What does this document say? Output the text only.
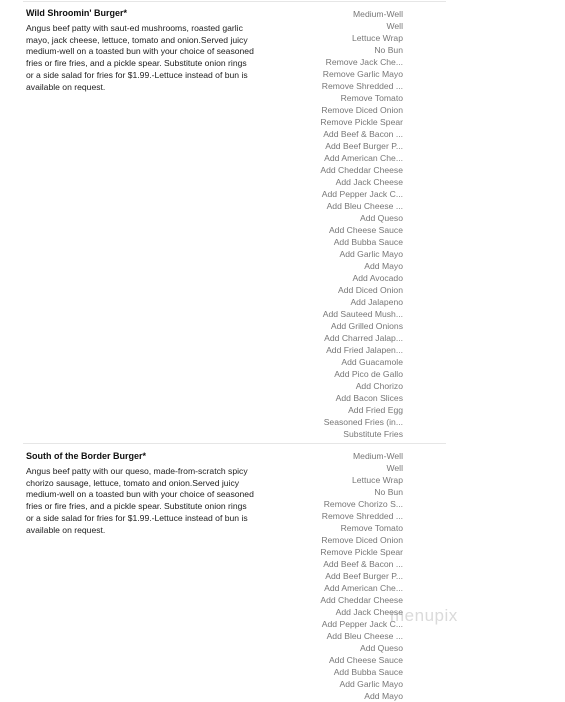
Wild Shroomin' Burger*
Angus beef patty with saut-ed mushrooms, roasted garlic mayo, jack cheese, lettuce, tomato and onion.Served juicy medium-well on a toasted bun with your choice of seasoned fries or fire fries, and a pickle spear. Substitute onion rings or a side salad for fries for $1.99.-Lettuce instead of bun is available on request.
Medium-Well
Well
Lettuce Wrap
No Bun
Remove Jack Che...
Remove Garlic Mayo
Remove Shredded ...
Remove Tomato
Remove Diced Onion
Remove Pickle Spear
Add Beef & Bacon ...
Add Beef Burger P...
Add American Che...
Add Cheddar Cheese
Add Jack Cheese
Add Pepper Jack C...
Add Bleu Cheese ...
Add Queso
Add Cheese Sauce
Add Bubba Sauce
Add Garlic Mayo
Add Mayo
Add Avocado
Add Diced Onion
Add Jalapeno
Add Sauteed Mush...
Add Grilled Onions
Add Charred Jalap...
Add Fried Jalapen...
Add Guacamole
Add Pico de Gallo
Add Chorizo
Add Bacon Slices
Add Fried Egg
Seasoned Fries (in...
Substitute Fries
South of the Border Burger*
Angus beef patty with our queso, made-from-scratch spicy chorizo sausage, lettuce, tomato and onion.Served juicy medium-well on a toasted bun with your choice of seasoned fries or fire fries, and a pickle spear. Substitute onion rings or a side salad for fries for $1.99.-Lettuce instead of bun is available on request.
Medium-Well
Well
Lettuce Wrap
No Bun
Remove Chorizo S...
Remove Shredded ...
Remove Tomato
Remove Diced Onion
Remove Pickle Spear
Add Beef & Bacon ...
Add Beef Burger P...
Add American Che...
Add Cheddar Cheese
Add Jack Cheese
Add Pepper Jack C...
Add Bleu Cheese ...
Add Queso
Add Cheese Sauce
Add Bubba Sauce
Add Garlic Mayo
Add Mayo
menupix
